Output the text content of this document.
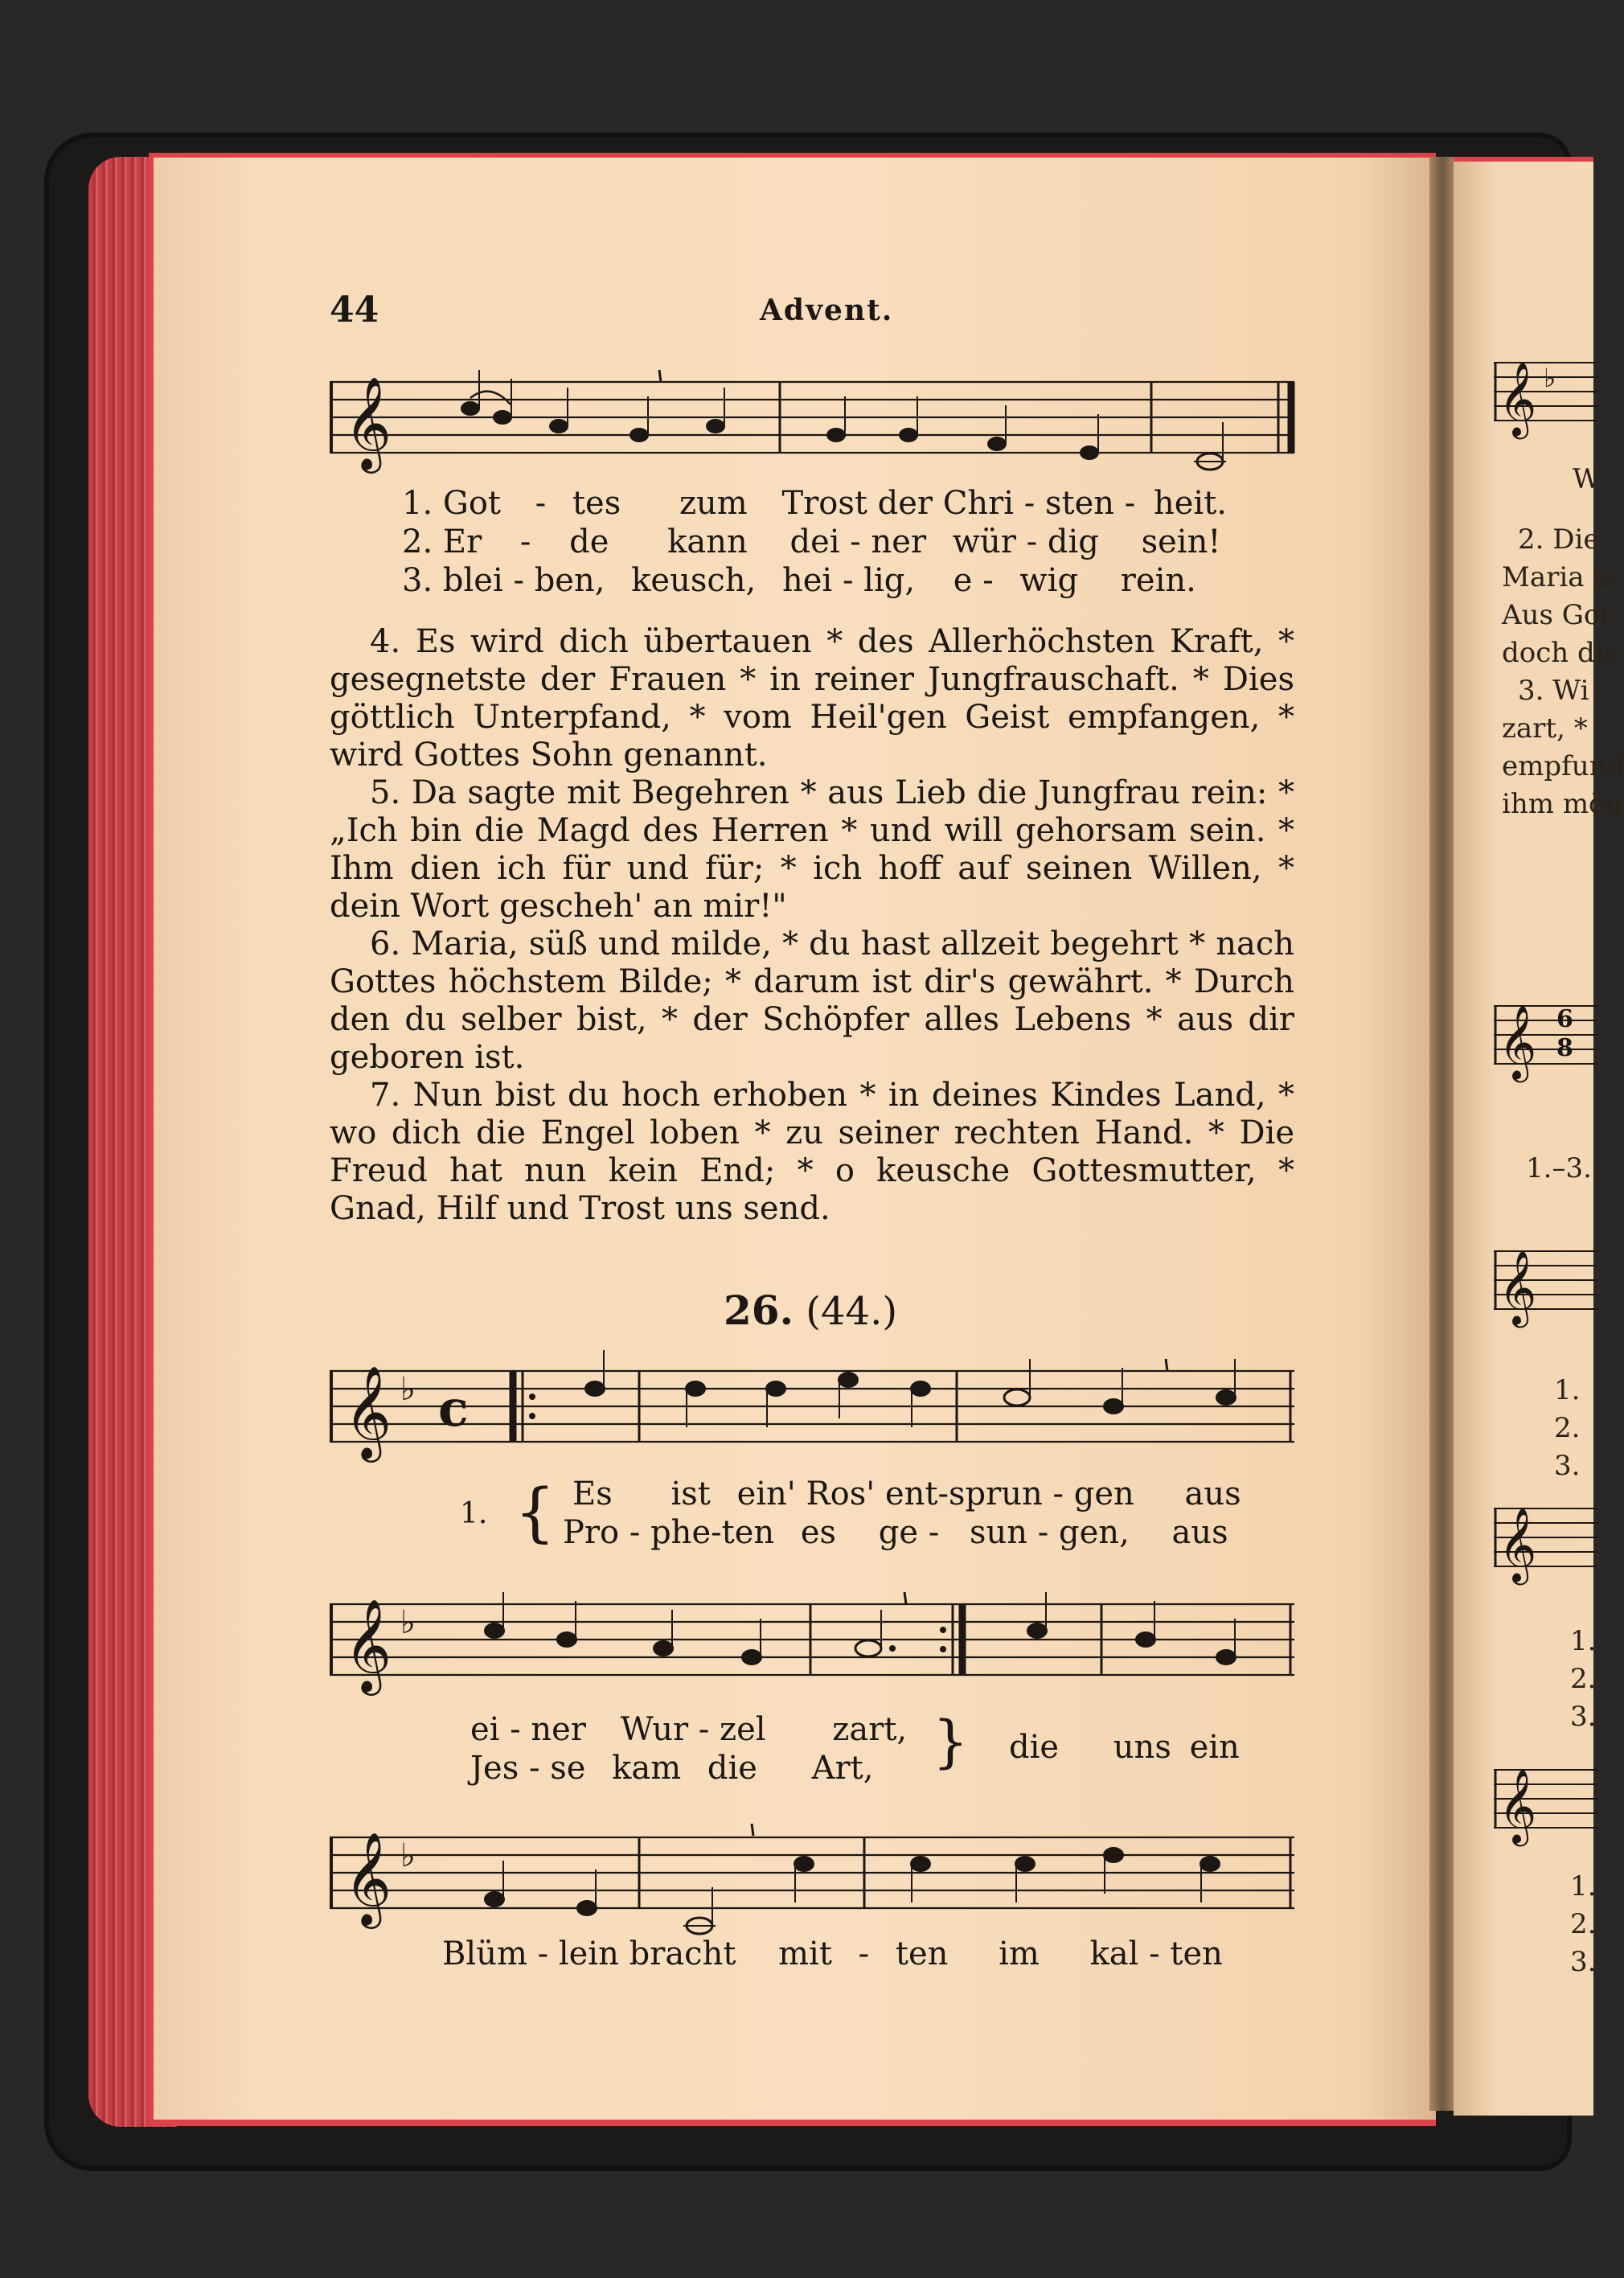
44	Advent.
𝄞
1. Got - tes zum Trost der Chri - sten - heit.
2. Er - de kann dei - ner wür - dig sein!
3. blei - ben, keusch, hei - lig, e - wig rein.

4. Es wird dich übertauen * des Allerhöchsten Kraft, * gesegnetste der Frauen * in reiner Jungfrauschaft. * Dies göttlich Unterpfand, * vom Heil'gen Geist empfangen, * wird Gottes Sohn genannt.

5. Da sagte mit Begehren * aus Lieb die Jungfrau rein: * „Ich bin die Magd des Herren * und will gehorsam sein. * Ihm dien ich für und für; * ich hoff auf seinen Willen, * dein Wort gescheh' an mir!"

6. Maria, süß und milde, * du hast allzeit begehrt * nach Gottes höchstem Bilde; * darum ist dir's gewährt. * Durch den du selber bist, * der Schöpfer alles Lebens * aus dir geboren ist.

7. Nun bist du hoch erhoben * in deines Kindes Land, * wo dich die Engel loben * zu seiner rechten Hand. * Die Freud hat nun kein End; * o keusche Gottesmutter, * Gnad, Hilf und Trost uns send.

26. (44.)
𝄞 ♭ c
1. { Es ist ein' Ros' ent-sprun - gen aus
Pro - phe-ten es ge - sun - gen, aus
𝄞 ♭
ei - ner Wur - zel zart,
Jes - se kam die Art, } die uns ein
𝄞 ♭
Blüm - lein bracht mit - ten im kal - ten
𝄞 ♭
W
2. Die
Maria is
Aus Got
doch die
3. Wi
zart, *
empfund
ihm mög
𝄞 6
8
1.–3.
𝄞
1.
2.
3.
𝄞
1.
2.
3.
𝄞
1.
2.
3.
